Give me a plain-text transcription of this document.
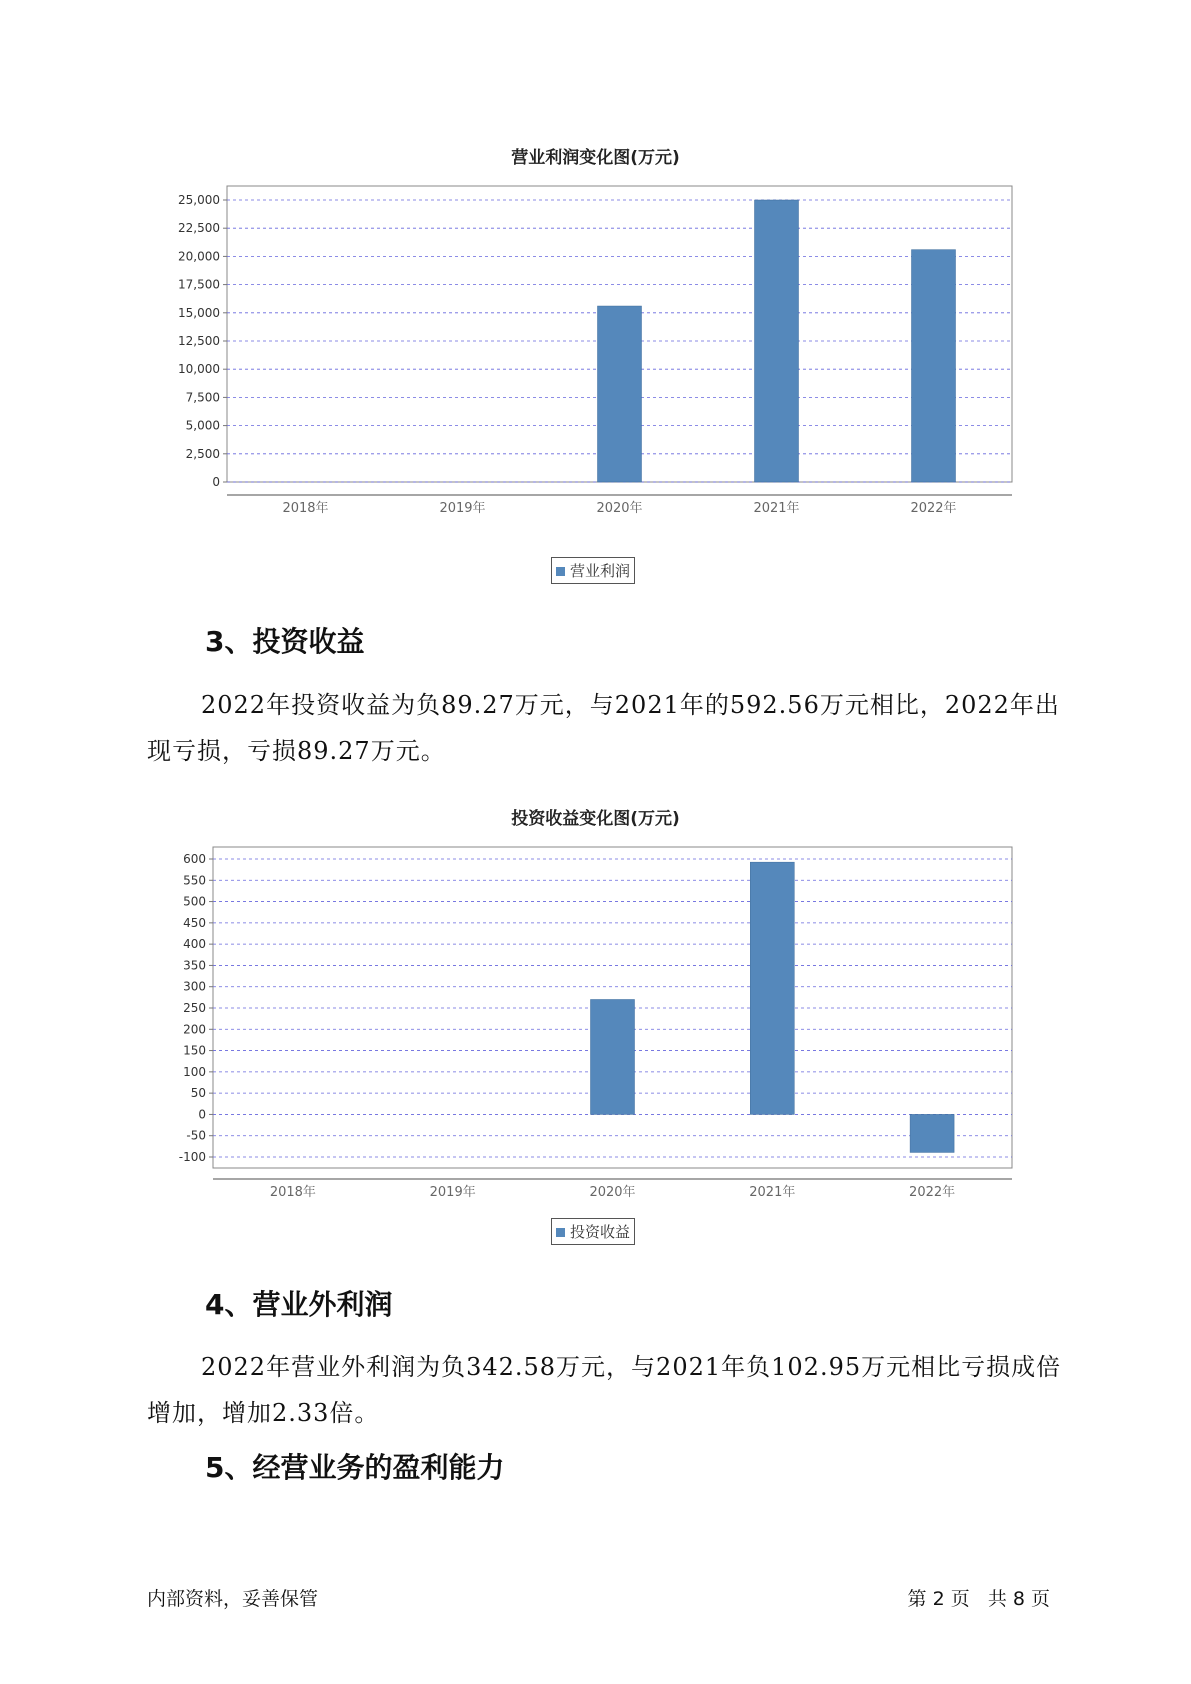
营业利润变化图(万元)
0
2,500
5,000
7,500
10,000
12,500
15,000
17,500
20,000
22,500
25,000
2018年	2019年	2020年	2021年	2022年
营业利润
3、投资收益
2022年投资收益为负89.27万元，与2021年的592.56万元相比，2022年出现亏损，亏损89.27万元。
投资收益变化图(万元)
-100
-50
0
50
100
150
200
250
300
350
400
450
500
550
600
2018年	2019年	2020年	2021年	2022年
投资收益
4、营业外利润
2022年营业外利润为负342.58万元，与2021年负102.95万元相比亏损成倍增加，增加2.33倍。
5、经营业务的盈利能力
内部资料，妥善保管	第 2 页   共 8 页
